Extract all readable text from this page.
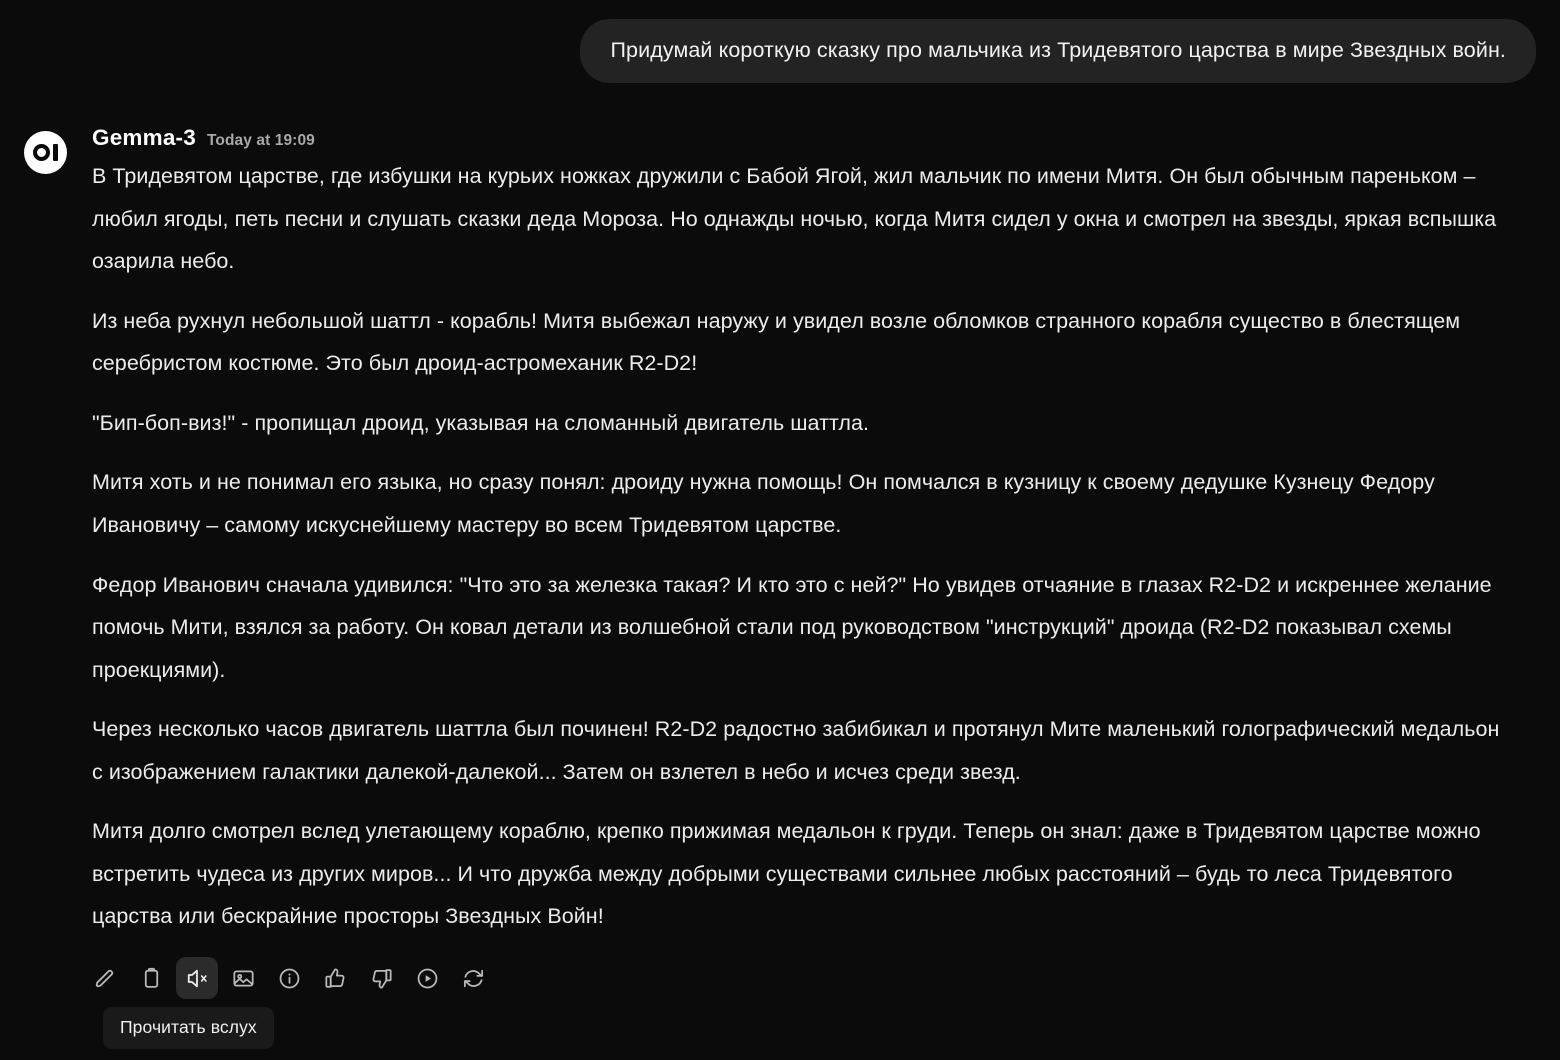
Придумай короткую сказку про мальчика из Тридевятого царства в мире Звездных войн.
Gemma-3 Today at 19:09

В Тридевятом царстве, где избушки на курьих ножках дружили с Бабой Ягой, жил мальчик по имени Митя. Он был обычным пареньком – любил ягоды, петь песни и слушать сказки деда Мороза. Но однажды ночью, когда Митя сидел у окна и смотрел на звезды, яркая вспышка озарила небо.

Из неба рухнул небольшой шаттл - корабль! Митя выбежал наружу и увидел возле обломков странного корабля существо в блестящем серебристом костюме. Это был дроид-астромеханик R2-D2!

"Бип-боп-виз!" - пропищал дроид, указывая на сломанный двигатель шаттла.

Митя хоть и не понимал его языка, но сразу понял: дроиду нужна помощь! Он помчался в кузницу к своему дедушке Кузнецу Федору Ивановичу – самому искуснейшему мастеру во всем Тридевятом царстве.

Федор Иванович сначала удивился: "Что это за железка такая? И кто это с ней?" Но увидев отчаяние в глазах R2-D2 и искреннее желание помочь Мити, взялся за работу. Он ковал детали из волшебной стали под руководством "инструкций" дроида (R2-D2 показывал схемы проекциями).

Через несколько часов двигатель шаттла был починен! R2-D2 радостно забибикал и протянул Мите маленький голографический медальон с изображением галактики далекой-далекой... Затем он взлетел в небо и исчез среди звезд.

Митя долго смотрел вслед улетающему кораблю, крепко прижимая медальон к груди. Теперь он знал: даже в Тридевятом царстве можно встретить чудеса из других миров... И что дружба между добрыми существами сильнее любых расстояний – будь то леса Тридевятого царства или бескрайние просторы Звездных Войн!

Прочитать вслух
